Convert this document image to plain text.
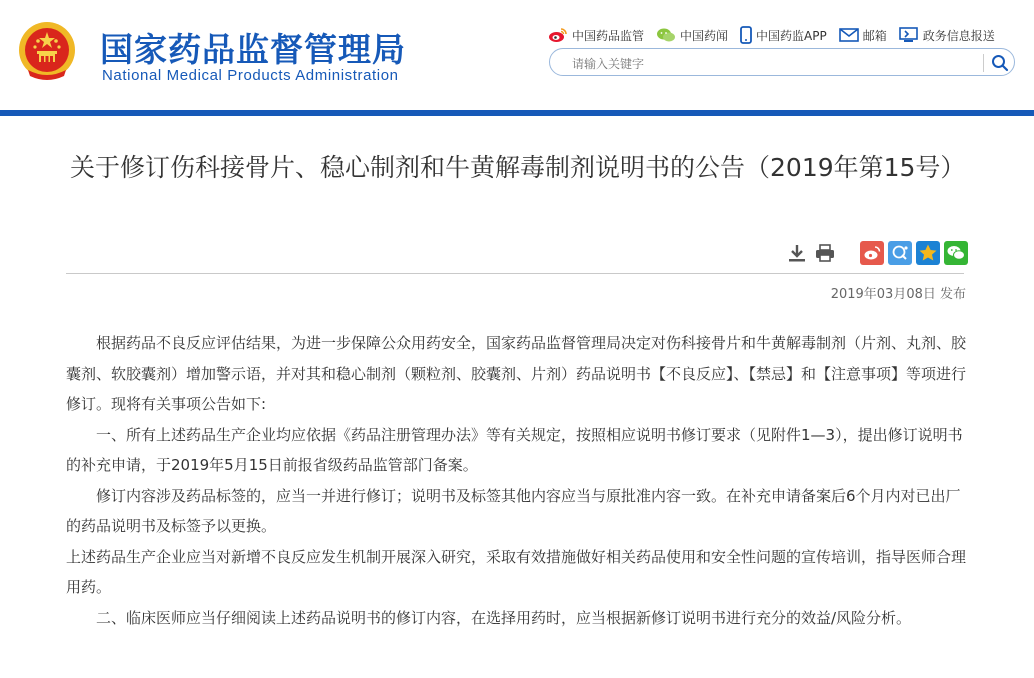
国家药品监督管理局
National Medical Products Administration
中国药品监管	中国药闻 中国药监APP	邮箱	政务信息报送
请输入关键字
关于修订伤科接骨片、稳心制剂和牛黄解毒制剂说明书的公告（2019年第15号）
2019年03月08日 发布

根据药品不良反应评估结果，为进一步保障公众用药安全，国家药品监督管理局决定对伤科接骨片和牛黄解毒制剂（片剂、丸剂、胶囊剂、软胶囊剂）增加警示语，并对其和稳心制剂（颗粒剂、胶囊剂、片剂）药品说明书【不良反应】、【禁忌】和【注意事项】等项进行修订。现将有关事项公告如下:

一、所有上述药品生产企业均应依据《药品注册管理办法》等有关规定，按照相应说明书修订要求（见附件1—3），提出修订说明书的补充申请，于2019年5月15日前报省级药品监管部门备案。

修订内容涉及药品标签的，应当一并进行修订；说明书及标签其他内容应当与原批准内容一致。在补充申请备案后6个月内对已出厂的药品说明书及标签予以更换。

上述药品生产企业应当对新增不良反应发生机制开展深入研究，采取有效措施做好相关药品使用和安全性问题的宣传培训，指导医师合理用药。

二、临床医师应当仔细阅读上述药品说明书的修订内容，在选择用药时，应当根据新修订说明书进行充分的效益/风险分析。
